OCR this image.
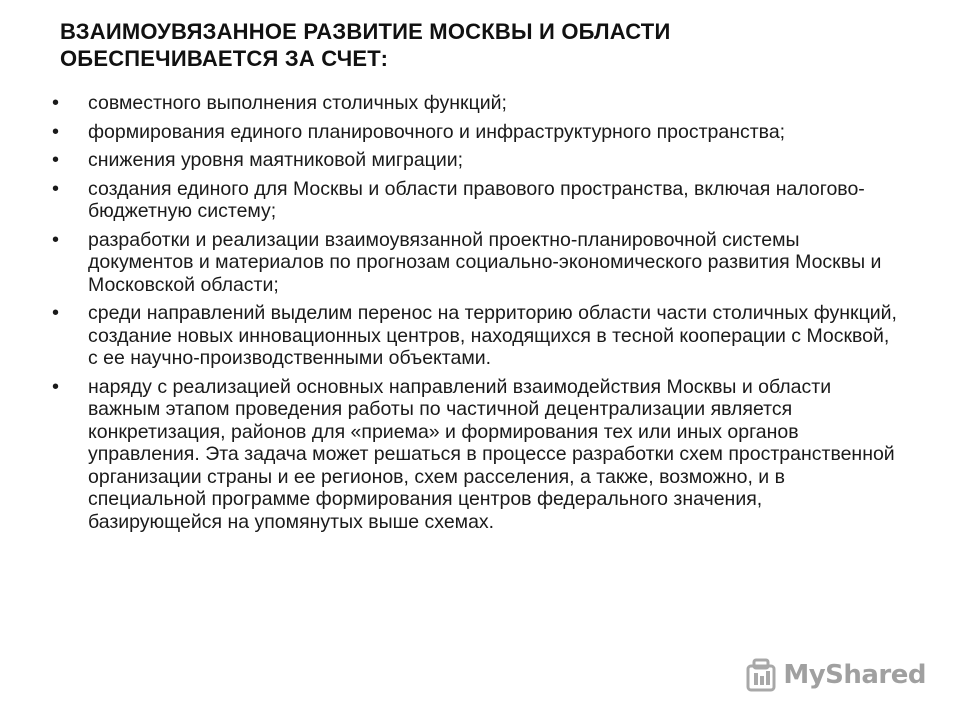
ВЗАИМОУВЯЗАННОЕ РАЗВИТИЕ МОСКВЫ И ОБЛАСТИ ОБЕСПЕЧИВАЕТСЯ ЗА СЧЕТ:
• совместного выполнения столичных функций;
• формирования единого планировочного и инфраструктурного пространства;
• снижения уровня маятниковой миграции;
• создания единого для Москвы и области правового пространства, включая налогово-бюджетную систему;
• разработки и реализации взаимоувязанной проектно-планировочной системы документов и материалов по прогнозам социально-экономического развития Москвы и Московской области;
• среди направлений выделим перенос на территорию области части столичных функций, создание новых инновационных центров, находящихся в тесной кооперации с Москвой, с ее научно-производственными объектами.
• наряду с реализацией основных направлений взаимодействия Москвы и области важным этапом проведения работы по частичной децентрализации является конкретизация, районов для «приема» и формирования тех или иных органов управления. Эта задача может решаться в процессе разработки схем пространственной организации страны и ее регионов, схем расселения, а также, возможно, и в специальной программе формирования центров федерального значения, базирующейся на упомянутых выше схемах.
MyShared
